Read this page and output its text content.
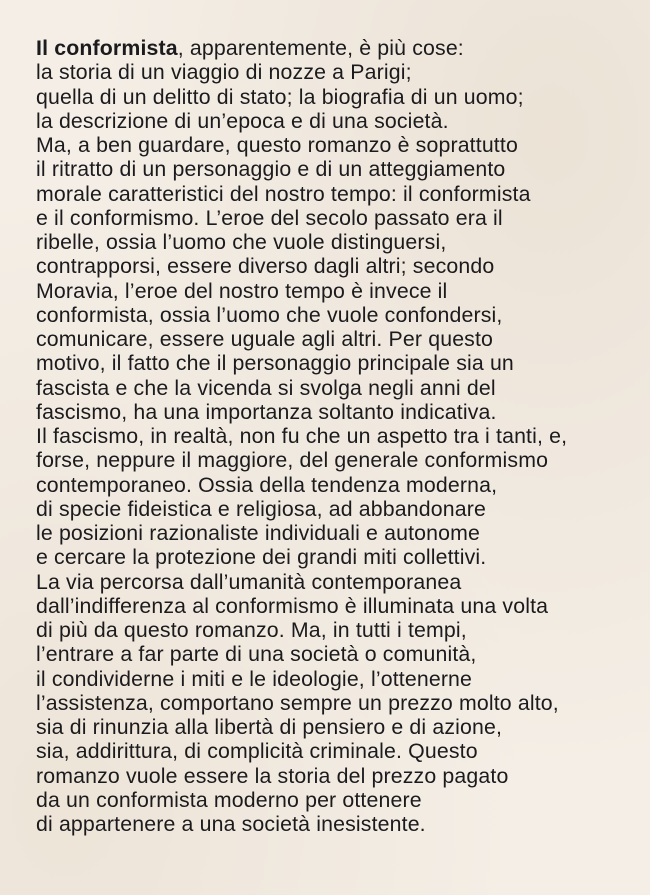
Il conformista, apparentemente, è più cose:
la storia di un viaggio di nozze a Parigi;
quella di un delitto di stato; la biografia di un uomo;
la descrizione di un’epoca e di una società.
Ma, a ben guardare, questo romanzo è soprattutto
il ritratto di un personaggio e di un atteggiamento
morale caratteristici del nostro tempo: il conformista
e il conformismo. L’eroe del secolo passato era il
ribelle, ossia l’uomo che vuole distinguersi,
contrapporsi, essere diverso dagli altri; secondo
Moravia, l’eroe del nostro tempo è invece il
conformista, ossia l’uomo che vuole confondersi,
comunicare, essere uguale agli altri. Per questo
motivo, il fatto che il personaggio principale sia un
fascista e che la vicenda si svolga negli anni del
fascismo, ha una importanza soltanto indicativa.
Il fascismo, in realtà, non fu che un aspetto tra i tanti, e,
forse, neppure il maggiore, del generale conformismo
contemporaneo. Ossia della tendenza moderna,
di specie fideistica e religiosa, ad abbandonare
le posizioni razionaliste individuali e autonome
e cercare la protezione dei grandi miti collettivi.
La via percorsa dall’umanità contemporanea
dall’indifferenza al conformismo è illuminata una volta
di più da questo romanzo. Ma, in tutti i tempi,
l’entrare a far parte di una società o comunità,
il condividerne i miti e le ideologie, l’ottenerne
l’assistenza, comportano sempre un prezzo molto alto,
sia di rinunzia alla libertà di pensiero e di azione,
sia, addirittura, di complicità criminale. Questo
romanzo vuole essere la storia del prezzo pagato
da un conformista moderno per ottenere
di appartenere a una società inesistente.
